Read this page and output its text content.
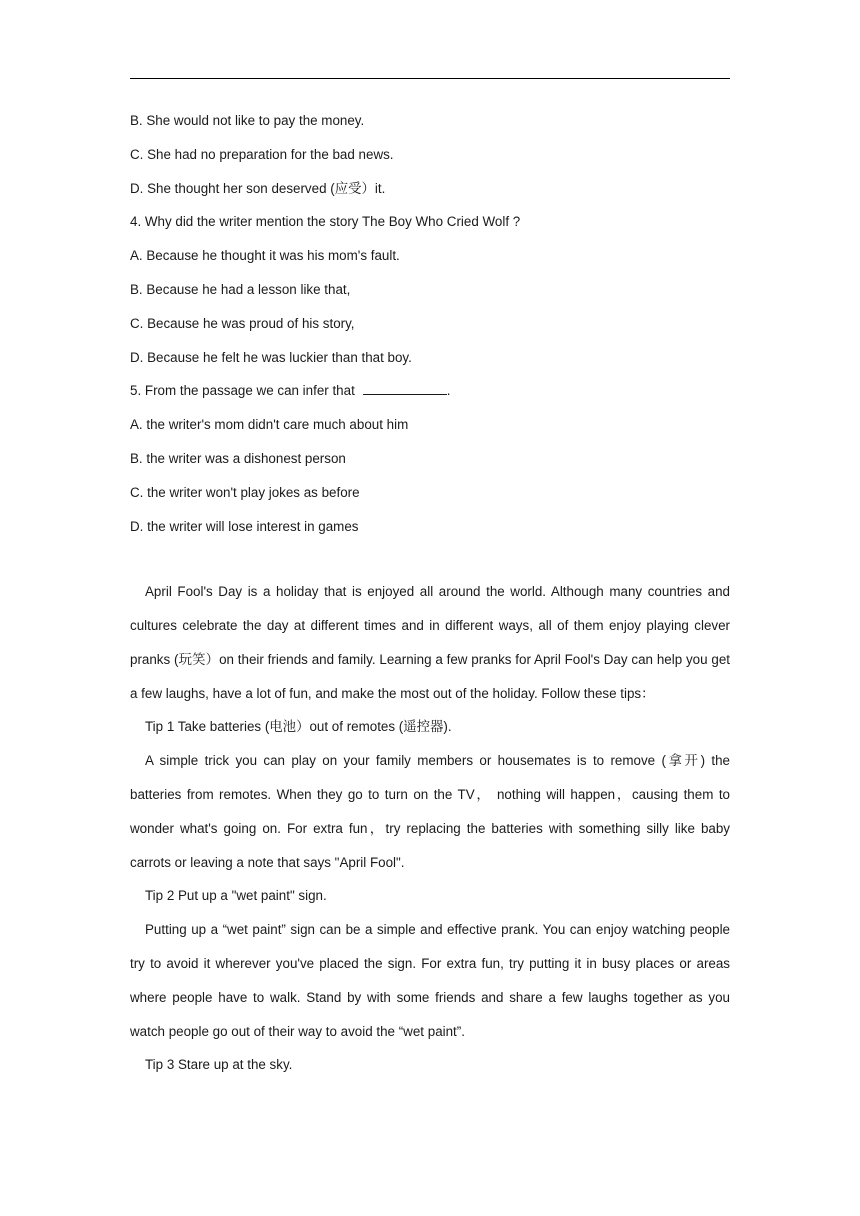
B. She would not like to pay the money.
C. She had no preparation for the bad news.
D. She thought her son deserved (应受）it.
4. Why did the writer mention the story The Boy Who Cried Wolf ?
A. Because he thought it was his mom's fault.
B. Because he had a lesson like that,
C. Because he was proud of his story,
D. Because he felt he was luckier than that boy.
5. From the passage we can infer that	.
A. the writer's mom didn't care much about him
B. the writer was a dishonest person
C. the writer won't play jokes as before
D. the writer will lose interest in games

April Fool's Day is a holiday that is enjoyed all around the world. Although many countries and cultures celebrate the day at different times and in different ways, all of them enjoy playing clever pranks (玩笑）on their friends and family. Learning a few pranks for April Fool's Day can help you get a few laughs, have a lot of fun, and make the most out of the holiday. Follow these tips：

Tip 1 Take batteries (电池）out of remotes (遥控器).

A simple trick you can play on your family members or housemates is to remove (拿开) the batteries from remotes. When they go to turn on the TV， nothing will happen，causing them to wonder what's going on. For extra fun，try replacing the batteries with something silly like baby carrots or leaving a note that says "April Fool".

Tip 2 Put up a "wet paint" sign.

Putting up a “wet paint” sign can be a simple and effective prank. You can enjoy watching people try to avoid it wherever you've placed the sign. For extra fun, try putting it in busy places or areas where people have to walk. Stand by with some friends and share a few laughs together as you watch people go out of their way to avoid the “wet paint”.

Tip 3 Stare up at the sky.
